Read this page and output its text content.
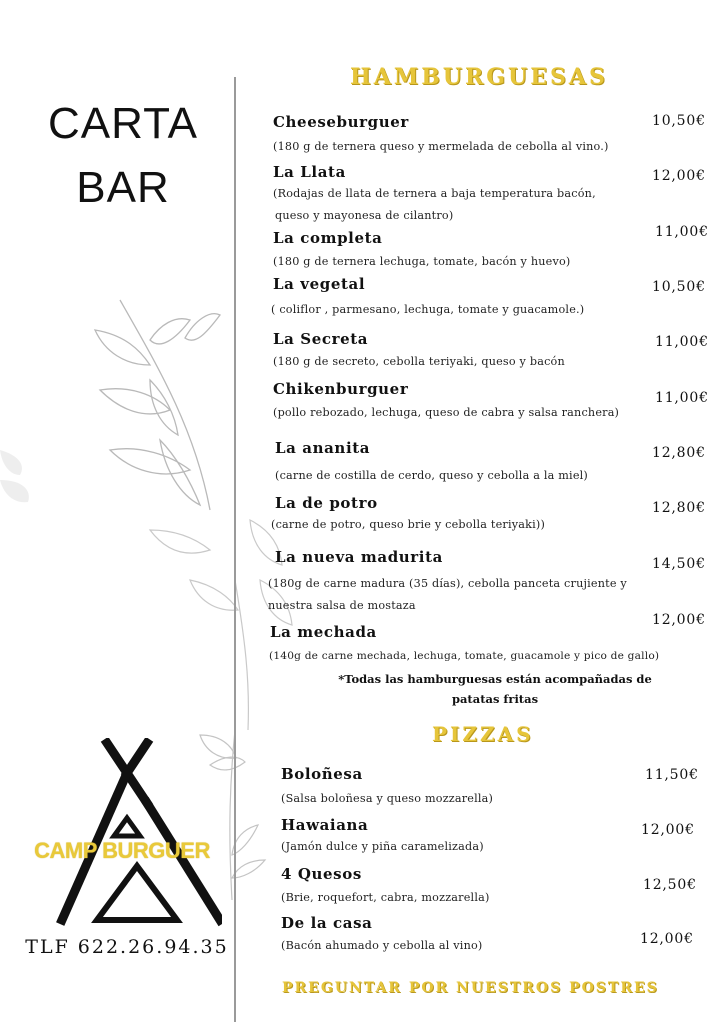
CARTA
BAR
CAMP BURGUER
TLF 622.26.94.35
HAMBURGUESAS
Cheeseburguer	10,50€
(180 g de ternera queso y mermelada de cebolla al vino.)
La Llata	12,00€
(Rodajas de llata de ternera a baja temperatura bacón,
queso y mayonesa de cilantro)
La completa	11,00€
(180 g de ternera lechuga, tomate, bacón y huevo)
La vegetal	10,50€
( coliflor , parmesano, lechuga, tomate y guacamole.)
La Secreta	11,00€
(180 g de secreto, cebolla teriyaki, queso y bacón
Chikenburguer	11,00€
(pollo rebozado, lechuga, queso de cabra y salsa ranchera)
La ananita	12,80€
(carne de costilla de cerdo, queso y cebolla a la miel)
La de potro	12,80€
(carne de potro, queso brie y cebolla teriyaki))
La nueva madurita	14,50€
(180g de carne madura (35 días), cebolla panceta crujiente y
nuestra salsa de mostaza
La mechada
12,00€
(140g de carne mechada, lechuga, tomate, guacamole y pico de gallo)
*Todas las hamburguesas están acompañadas de
patatas fritas
PIZZAS
Boloñesa	11,50€
(Salsa boloñesa y queso mozzarella)
Hawaiana	12,00€
(Jamón dulce y piña caramelizada)
4 Quesos
12,50€
(Brie, roquefort, cabra, mozzarella)
De la casa
12,00€
(Bacón ahumado y cebolla al vino)
PREGUNTAR POR NUESTROS POSTRES
